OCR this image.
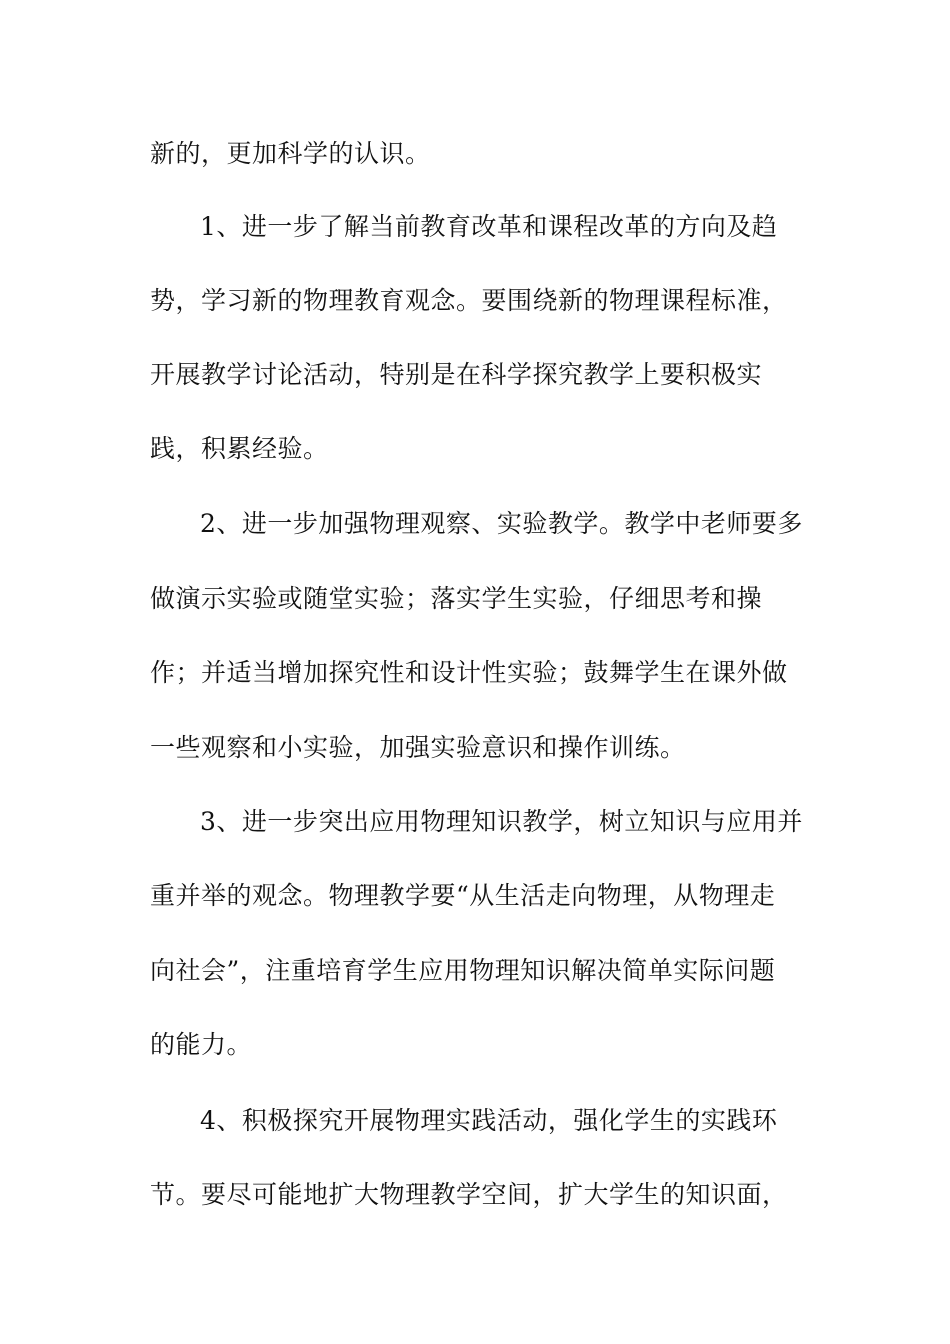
新的，更加科学的认识。
1、进一步了解当前教育改革和课程改革的方向及趋
势，学习新的物理教育观念。要围绕新的物理课程标准，
开展教学讨论活动，特别是在科学探究教学上要积极实
践，积累经验。
2、进一步加强物理观察、实验教学。教学中老师要多
做演示实验或随堂实验；落实学生实验，仔细思考和操
作；并适当增加探究性和设计性实验；鼓舞学生在课外做
一些观察和小实验，加强实验意识和操作训练。
3、进一步突出应用物理知识教学，树立知识与应用并
重并举的观念。物理教学要“从生活走向物理，从物理走
向社会”，注重培育学生应用物理知识解决简单实际问题
的能力。
4、积极探究开展物理实践活动，强化学生的实践环
节。要尽可能地扩大物理教学空间，扩大学生的知识面，
